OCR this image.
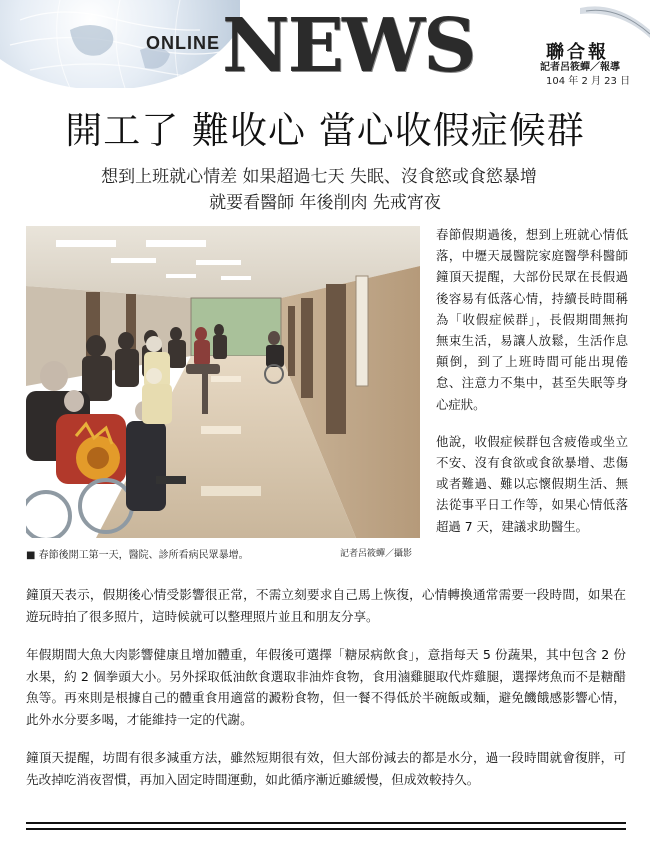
ONLINE NEWS	聯合報
記者呂筱蟬／報導
104 年 2 月 23 日
開工了 難收心 當心收假症候群
想到上班就心情差 如果超過七天 失眠、沒食慾或食慾暴增
就要看醫師 年後削肉 先戒宵夜
■ 春節後開工第一天，醫院、診所看病民眾暴增。	記者呂筱蟬／攝影

春節假期過後，想到上班就心情低落，中壢天晟醫院家庭醫學科醫師鐘頂天提醒，大部份民眾在長假過後容易有低落心情，持續長時間稱為「收假症候群」，長假期間無拘無束生活，易讓人放鬆，生活作息顛倒，到了上班時間可能出現倦怠、注意力不集中，甚至失眠等身心症狀。

他說，收假症候群包含疲倦或坐立不安、沒有食欲或食欲暴增、悲傷或者難過、難以忘懷假期生活、無法從事平日工作等，如果心情低落超過 7 天，建議求助醫生。

鐘頂天表示，假期後心情受影響很正常，不需立刻要求自己馬上恢復，心情轉換通常需要一段時間，如果在遊玩時拍了很多照片，這時候就可以整理照片並且和朋友分享。

年假期間大魚大肉影響健康且增加體重，年假後可選擇「糖尿病飲食」，意指每天 5 份蔬果，其中包含 2 份水果，約 2 個拳頭大小。另外採取低油飲食選取非油炸食物，食用滷雞腿取代炸雞腿，選擇烤魚而不是糖醋魚等。再來則是根據自己的體重食用適當的澱粉食物，但一餐不得低於半碗飯或麵，避免饑餓感影響心情，此外水分要多喝，才能維持一定的代謝。

鐘頂天提醒，坊間有很多減重方法，雖然短期很有效，但大部份減去的都是水分，過一段時間就會復胖，可先改掉吃消夜習慣，再加入固定時間運動，如此循序漸近雖緩慢，但成效較持久。
